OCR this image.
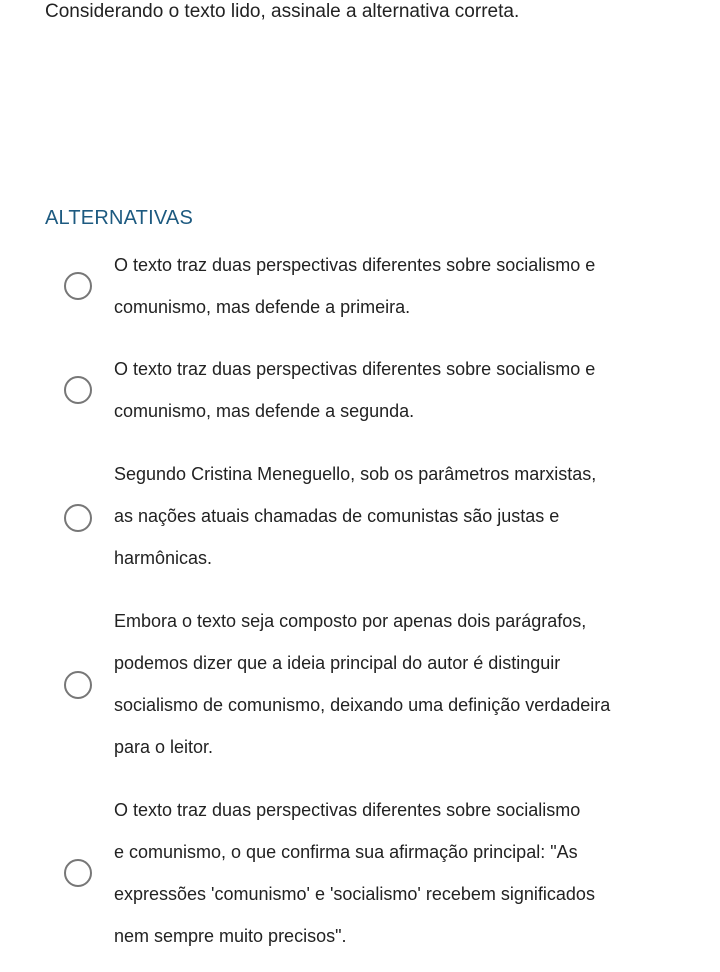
Considerando o texto lido, assinale a alternativa correta.
ALTERNATIVAS
O texto traz duas perspectivas diferentes sobre socialismo e
comunismo, mas defende a primeira.
O texto traz duas perspectivas diferentes sobre socialismo e
comunismo, mas defende a segunda.
Segundo Cristina Meneguello, sob os parâmetros marxistas,
as nações atuais chamadas de comunistas são justas e
harmônicas.
Embora o texto seja composto por apenas dois parágrafos,
podemos dizer que a ideia principal do autor é distinguir
socialismo de comunismo, deixando uma definição verdadeira
para o leitor.
O texto traz duas perspectivas diferentes sobre socialismo
e comunismo, o que confirma sua afirmação principal: "As
expressões 'comunismo' e 'socialismo' recebem significados
nem sempre muito precisos".
